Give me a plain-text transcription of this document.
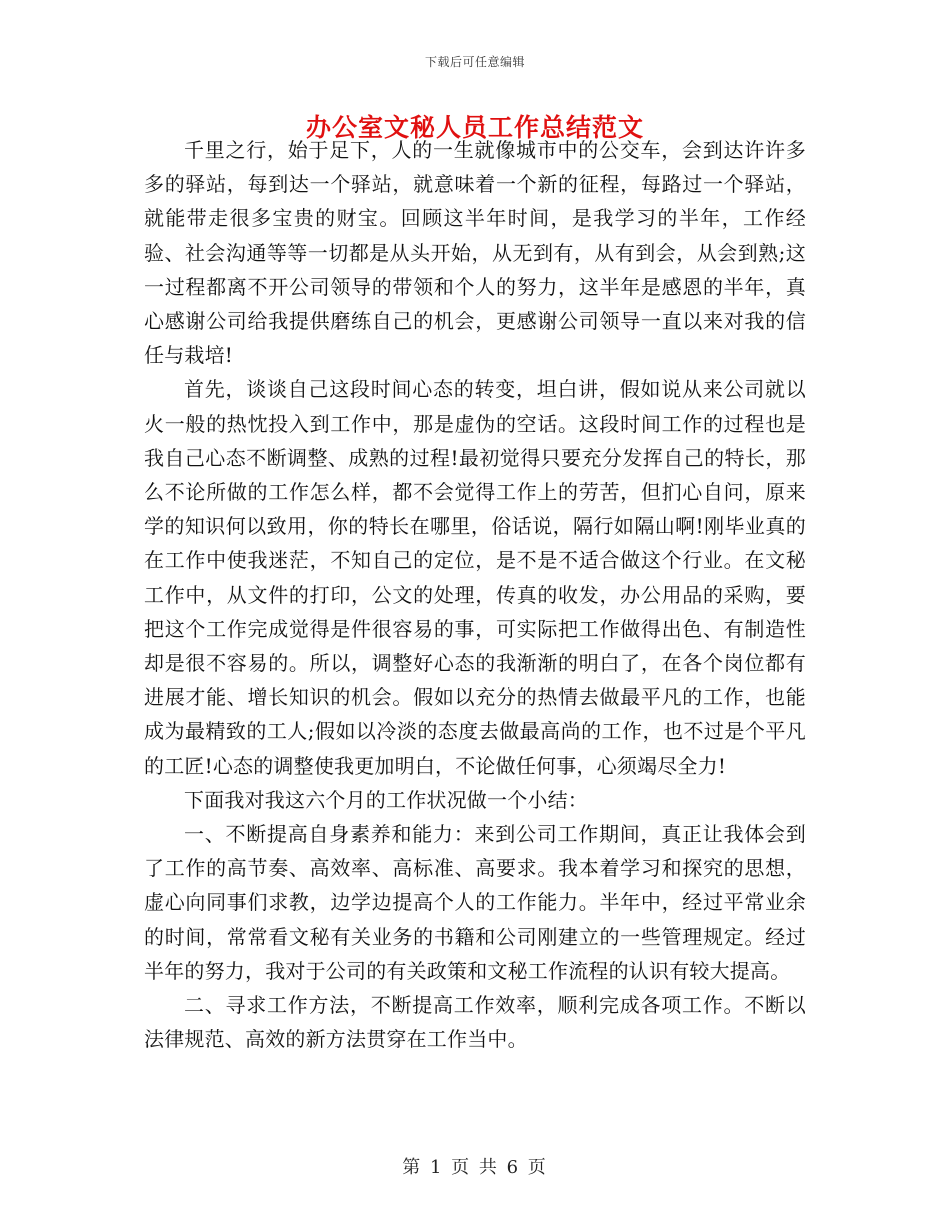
下载后可任意编辑
办公室文秘人员工作总结范文

千里之行，始于足下，人的一生就像城市中的公交车，会到达许许多多的驿站，每到达一个驿站，就意味着一个新的征程，每路过一个驿站，就能带走很多宝贵的财宝。回顾这半年时间，是我学习的半年，工作经验、社会沟通等等一切都是从头开始，从无到有，从有到会，从会到熟;这一过程都离不开公司领导的带领和个人的努力，这半年是感恩的半年，真心感谢公司给我提供磨练自己的机会，更感谢公司领导一直以来对我的信任与栽培!

首先，谈谈自己这段时间心态的转变，坦白讲，假如说从来公司就以火一般的热忱投入到工作中，那是虚伪的空话。这段时间工作的过程也是我自己心态不断调整、成熟的过程!最初觉得只要充分发挥自己的特长，那么不论所做的工作怎么样，都不会觉得工作上的劳苦，但扪心自问，原来学的知识何以致用，你的特长在哪里，俗话说，隔行如隔山啊!刚毕业真的在工作中使我迷茫，不知自己的定位，是不是不适合做这个行业。在文秘工作中，从文件的打印，公文的处理，传真的收发，办公用品的采购，要把这个工作完成觉得是件很容易的事，可实际把工作做得出色、有制造性却是很不容易的。所以，调整好心态的我渐渐的明白了，在各个岗位都有进展才能、增长知识的机会。假如以充分的热情去做最平凡的工作，也能成为最精致的工人;假如以冷淡的态度去做最高尚的工作，也不过是个平凡的工匠!心态的调整使我更加明白，不论做任何事，心须竭尽全力!

下面我对我这六个月的工作状况做一个小结：

一、不断提高自身素养和能力：来到公司工作期间，真正让我体会到了工作的高节奏、高效率、高标准、高要求。我本着学习和探究的思想，虚心向同事们求教，边学边提高个人的工作能力。半年中，经过平常业余的时间，常常看文秘有关业务的书籍和公司刚建立的一些管理规定。经过半年的努力，我对于公司的有关政策和文秘工作流程的认识有较大提高。

二、寻求工作方法，不断提高工作效率，顺利完成各项工作。不断以法律规范、高效的新方法贯穿在工作当中。

第 1 页 共 6 页
